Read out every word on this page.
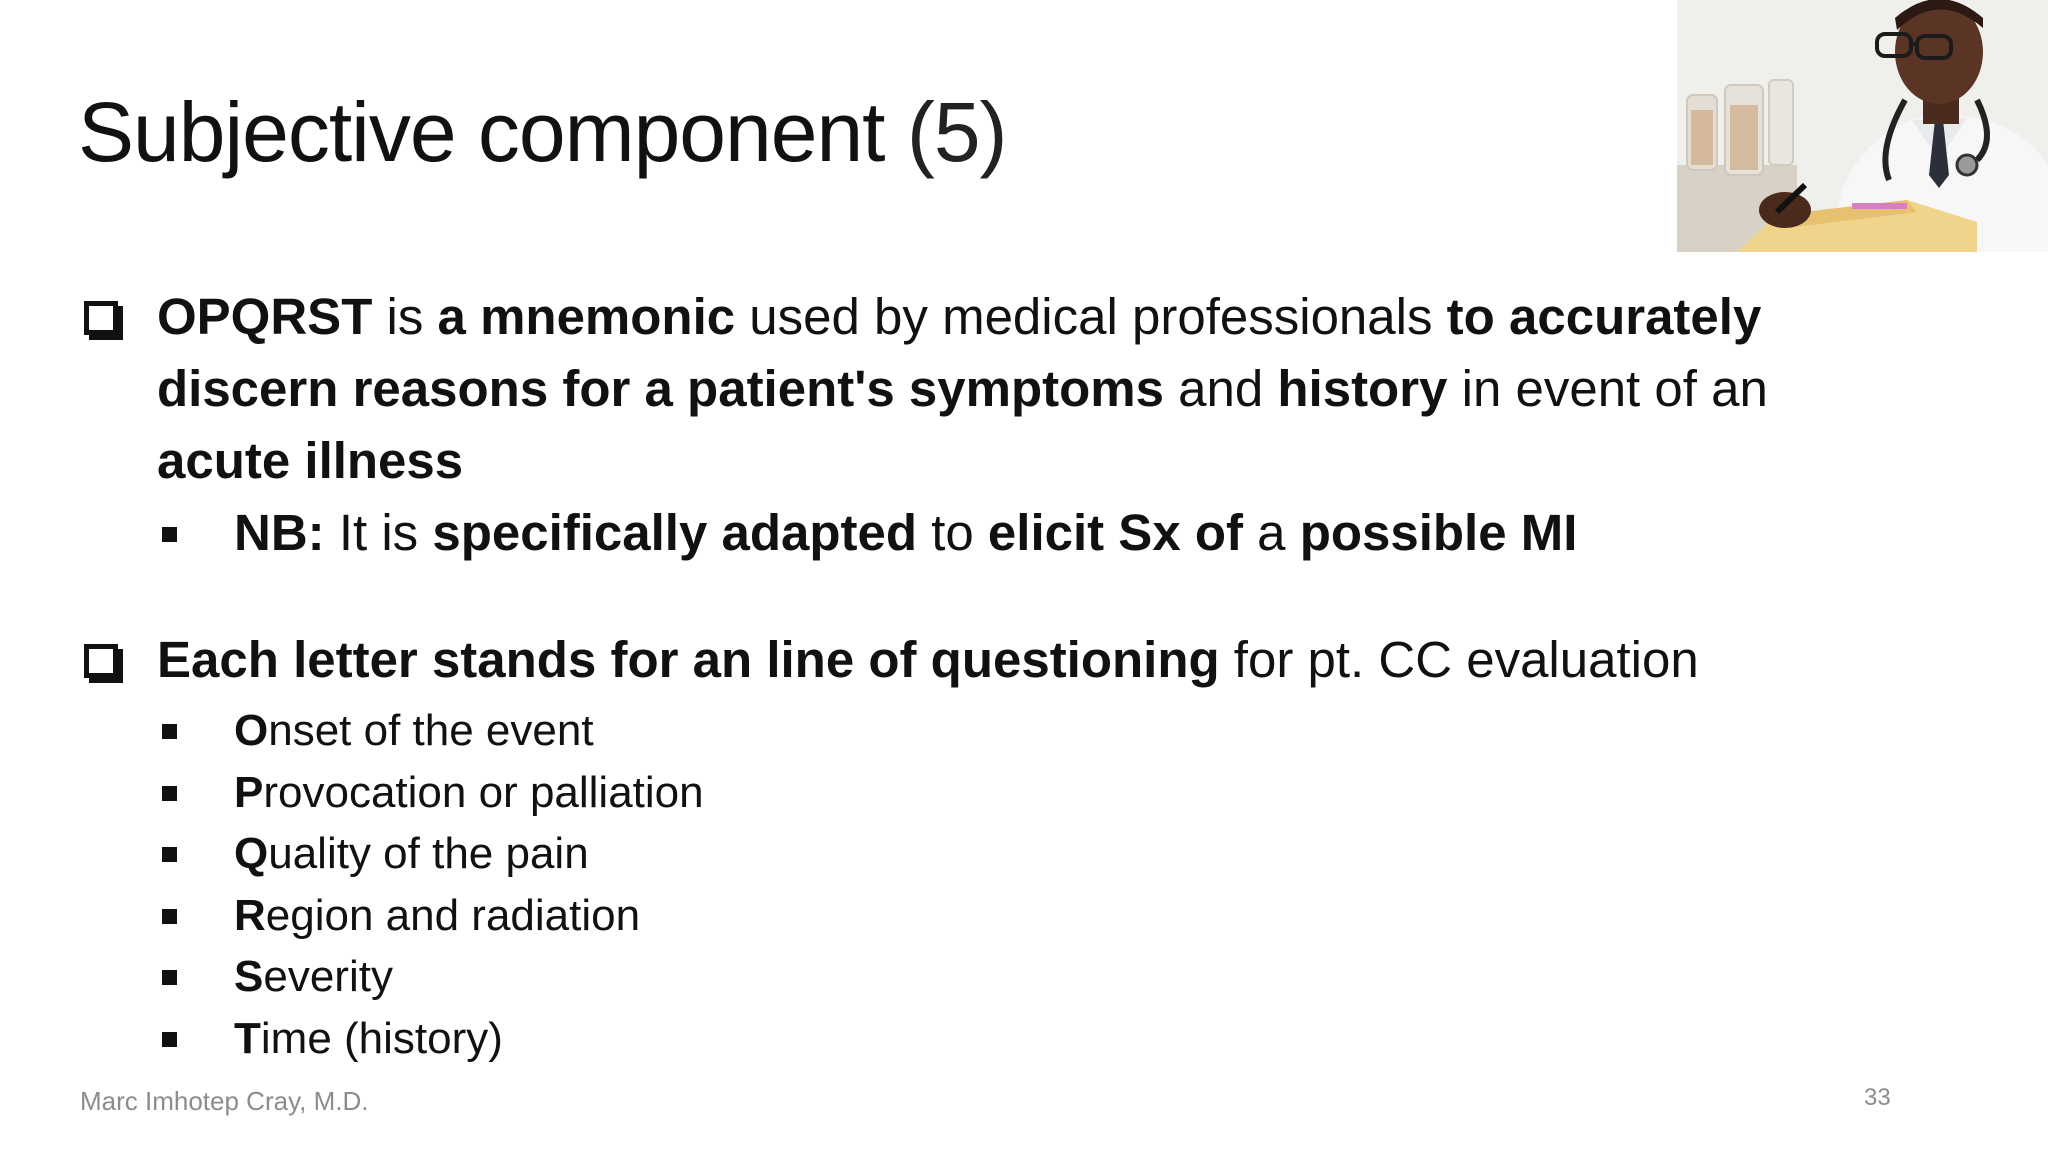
Subjective component (5)
OPQRST is a mnemonic used by medical professionals to accurately discern reasons for a patient's symptoms and history in event of an acute illness
NB: It is specifically adapted to elicit Sx of a possible MI
Each letter stands for an line of questioning for pt. CC evaluation
Onset of the event
Provocation or palliation
Quality of the pain
Region and radiation
Severity
Time (history)
Marc Imhotep Cray, M.D.	33
